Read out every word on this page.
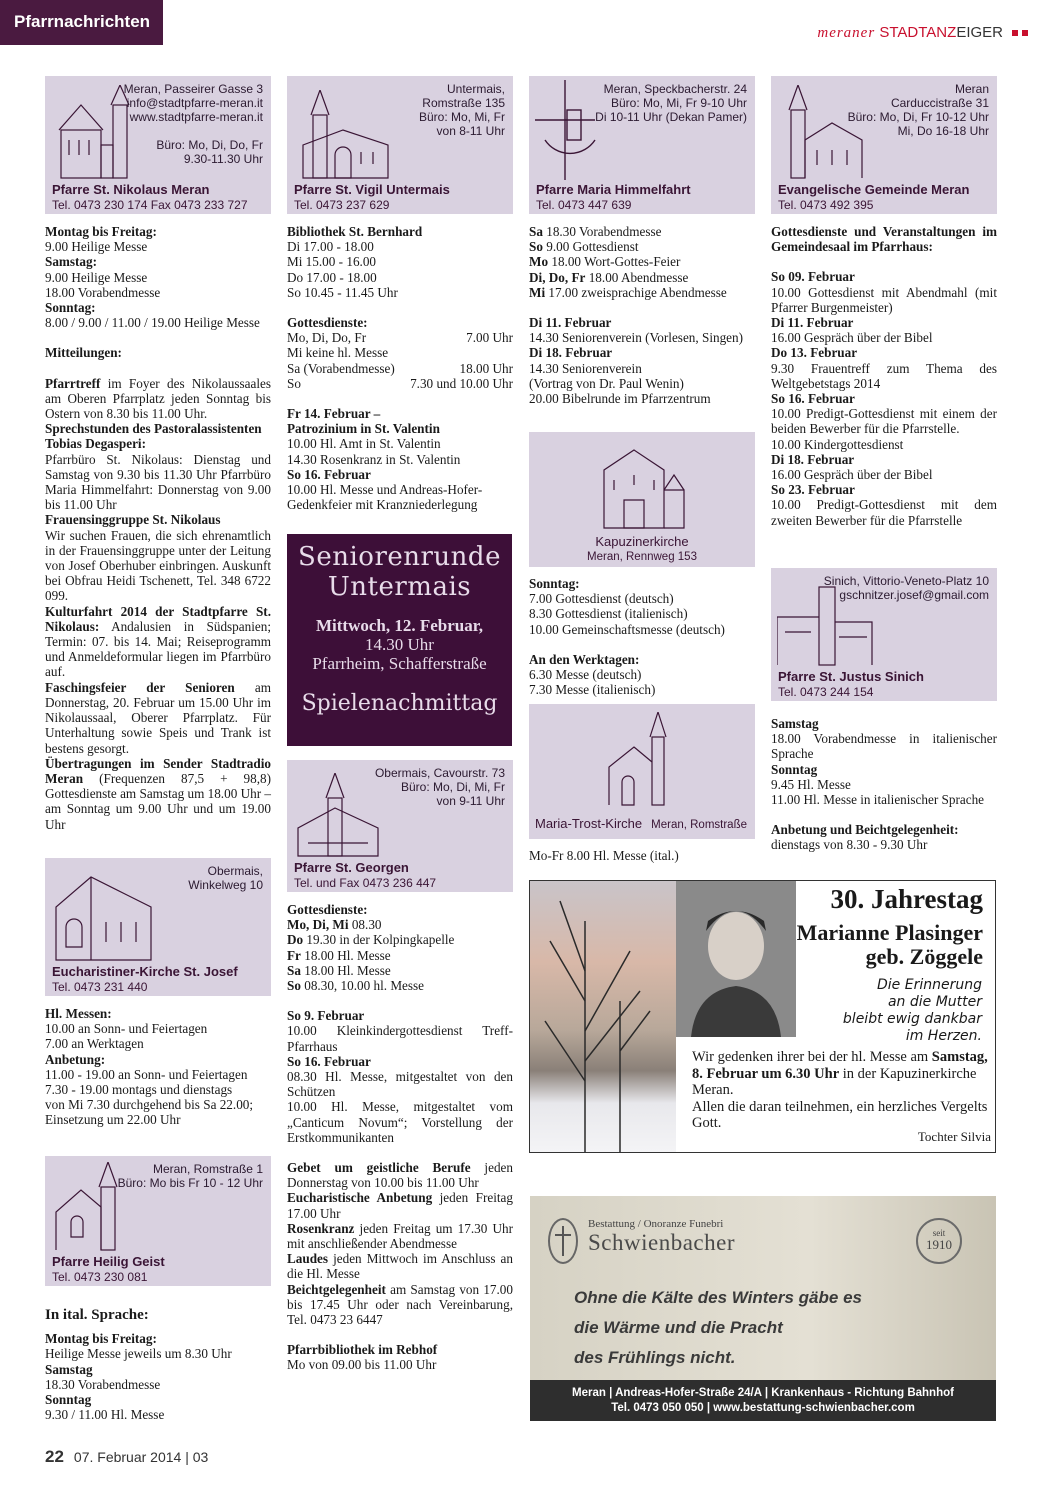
Pfarrnachrichten
meraner STADTANZEIGER
Meran, Passeirer Gasse 3
info@stadtpfarre-meran.it
www.stadtpfarre-meran.it

Büro: Mo, Di, Do, Fr
9.30-11.30 Uhr
Pfarre St. Nikolaus Meran
Tel. 0473 230 174 Fax 0473 233 727

Montag bis Freitag:

9.00 Heilige Messe

Samstag:

9.00 Heilige Messe

18.00 Vorabendmesse

Sonntag:

8.00 / 9.00 / 11.00 / 19.00 Heilige Messe

Mitteilungen:

Pfarrtreff im Foyer des Nikolaussaales am Oberen Pfarrplatz jeden Sonntag bis Ostern von 8.30 bis 11.00 Uhr.

Sprechstunden des Pastoralassistenten Tobias Degasperi:

Pfarrbüro St. Nikolaus: Dienstag und Samstag von 9.30 bis 11.30 Uhr Pfarrbüro Maria Himmelfahrt: Donnerstag von 9.00 bis 11.00 Uhr

Frauensinggruppe St. Nikolaus

Wir suchen Frauen, die sich ehrenamtlich in der Frauensinggruppe unter der Leitung von Josef Oberhuber einbringen. Auskunft bei Obfrau Heidi Tschenett, Tel. 348 6722 099.

Kulturfahrt 2014 der Stadtpfarre St. Nikolaus: Andalusien in Südspanien; Termin: 07. bis 14. Mai; Reiseprogramm und Anmeldeformular liegen im Pfarrbüro auf.

Faschingsfeier der Senioren am Donnerstag, 20. Februar um 15.00 Uhr im Nikolaussaal, Oberer Pfarrplatz. Für Unterhaltung sowie Speis und Trank ist bestens gesorgt.

Übertragungen im Sender Stadtradio Meran (Frequenzen 87,5 + 98,8) Gottesdienste am Samstag um 18.00 Uhr – am Sonntag um 9.00 Uhr und um 19.00 Uhr

Obermais,
Winkelweg 10
Eucharistiner-Kirche St. Josef
Tel. 0473 231 440

Hl. Messen:

10.00 an Sonn- und Feiertagen

7.00 an Werktagen

Anbetung:

11.00 - 19.00 an Sonn- und Feiertagen

7.30 - 19.00 montags und dienstags

von Mi 7.30 durchgehend bis Sa 22.00; Einsetzung um 22.00 Uhr

Meran, Romstraße 1
Büro: Mo bis Fr 10 - 12 Uhr
Pfarre Heilig Geist
Tel. 0473 230 081

In ital. Sprache:

Montag bis Freitag:

Heilige Messe jeweils um 8.30 Uhr

Samstag

18.30 Vorabendmesse

Sonntag

9.30 / 11.00 Hl. Messe

Untermais,
Romstraße 135
Büro: Mo, Mi, Fr
von 8-11 Uhr
Pfarre St. Vigil Untermais
Tel. 0473 237 629

Bibliothek St. Bernhard

Di 17.00 - 18.00

Mi 15.00 - 16.00

Do 17.00 - 18.00

So 10.45 - 11.45 Uhr

Gottesdienste:

Mo, Di, Do, Fr	7.00 Uhr

Mi keine hl. Messe

Sa (Vorabendmesse)	18.00 Uhr
So	7.30 und 10.00 Uhr

Fr 14. Februar –

Patrozinium in St. Valentin

10.00 Hl. Amt in St. Valentin

14.30 Rosenkranz in St. Valentin

So 16. Februar

10.00 Hl. Messe und Andreas-Hofer-Gedenkfeier mit Kranzniederlegung

Seniorenrunde Untermais
Mittwoch, 12. Februar,
14.30 Uhr
Pfarrheim, Schafferstraße
Spielenachmittag
Obermais, Cavourstr. 73
Büro: Mo, Di, Mi, Fr
von 9-11 Uhr
Pfarre St. Georgen
Tel. und Fax 0473 236 447

Gottesdienste:

Mo, Di, Mi 08.30

Do 19.30 in der Kolpingkapelle

Fr 18.00 Hl. Messe

Sa 18.00 Hl. Messe

So 08.30, 10.00 hl. Messe

So 9. Februar

10.00 Kleinkindergottesdienst Treff-Pfarrhaus

So 16. Februar

08.30 Hl. Messe, mitgestaltet von den Schützen

10.00 Hl. Messe, mitgestaltet vom „Canticum Novum“; Vorstellung der Erstkommunikanten

Gebet um geistliche Berufe jeden Donnerstag von 10.00 bis 11.00 Uhr

Eucharistische Anbetung jeden Freitag 17.00 Uhr

Rosenkranz jeden Freitag um 17.30 Uhr mit anschließender Abendmesse

Laudes jeden Mittwoch im Anschluss an die Hl. Messe

Beichtgelegenheit am Samstag von 17.00 bis 17.45 Uhr oder nach Vereinbarung, Tel. 0473 23 6447

Pfarrbibliothek im Rebhof

Mo von 09.00 bis 11.00 Uhr

Meran, Speckbacherstr. 24
Büro: Mo, Mi, Fr 9-10 Uhr
Di 10-11 Uhr (Dekan Pamer)
Pfarre Maria Himmelfahrt
Tel. 0473 447 639

Sa 18.30 Vorabendmesse

So 9.00 Gottesdienst

Mo 18.00 Wort-Gottes-Feier

Di, Do, Fr 18.00 Abendmesse

Mi 17.00 zweisprachige Abendmesse

Di 11. Februar

14.30 Seniorenverein (Vorlesen, Singen)

Di 18. Februar

14.30 Seniorenverein

(Vortrag von Dr. Paul Wenin)

20.00 Bibelrunde im Pfarrzentrum

Kapuzinerkirche
Meran, Rennweg 153

Sonntag:

7.00 Gottesdienst (deutsch)

8.30 Gottesdienst (italienisch)

10.00 Gemeinschaftsmesse (deutsch)

An den Werktagen:

6.30 Messe (deutsch)

7.30 Messe (italienisch)

Maria-Trost-Kirche Meran, Romstraße

Mo-Fr 8.00 Hl. Messe (ital.)

Meran
Carduccistraße 31
Büro: Mo, Di, Fr 10-12 Uhr
Mi, Do 16-18 Uhr
Evangelische Gemeinde Meran
Tel. 0473 492 395

Gottesdienste und Veranstaltungen im Gemeindesaal im Pfarrhaus:

So 09. Februar

10.00 Gottesdienst mit Abendmahl (mit Pfarrer Burgenmeister)

Di 11. Februar

16.00 Gespräch über der Bibel

Do 13. Februar

9.30 Frauentreff zum Thema des Weltgebetstags 2014

So 16. Februar

10.00 Predigt-Gottesdienst mit einem der beiden Bewerber für die Pfarrstelle.

10.00 Kindergottesdienst

Di 18. Februar

16.00 Gespräch über der Bibel

So 23. Februar

10.00 Predigt-Gottesdienst mit dem zweiten Bewerber für die Pfarrstelle

Sinich, Vittorio-Veneto-Platz 10
gschnitzer.josef@gmail.com
Pfarre St. Justus Sinich
Tel. 0473 244 154

Samstag

18.00 Vorabendmesse in italienischer Sprache

Sonntag

9.45 Hl. Messe

11.00 Hl. Messe in italienischer Sprache

Anbetung und Beichtgelegenheit:

dienstags von 8.30 - 9.30 Uhr

30. Jahrestag
Marianne Plasinger
geb. Zöggele
Die Erinnerung
an die Mutter
bleibt ewig dankbar
im Herzen.
Wir gedenken ihrer bei der hl. Messe am Samstag, 8. Februar um 6.30 Uhr in der Kapuzinerkirche Meran.
Allen die daran teilnehmen, ein herzliches Vergelts Gott.
Tochter Silvia
Bestattung / Onoranze Funebri
Schwienbacher	seit
1910
Ohne die Kälte des Winters gäbe es
die Wärme und die Pracht
des Frühlings nicht.
Meran | Andreas-Hofer-Straße 24/A | Krankenhaus - Richtung Bahnhof
Tel. 0473 050 050 | www.bestattung-schwienbacher.com
22 07. Februar 2014 | 03
